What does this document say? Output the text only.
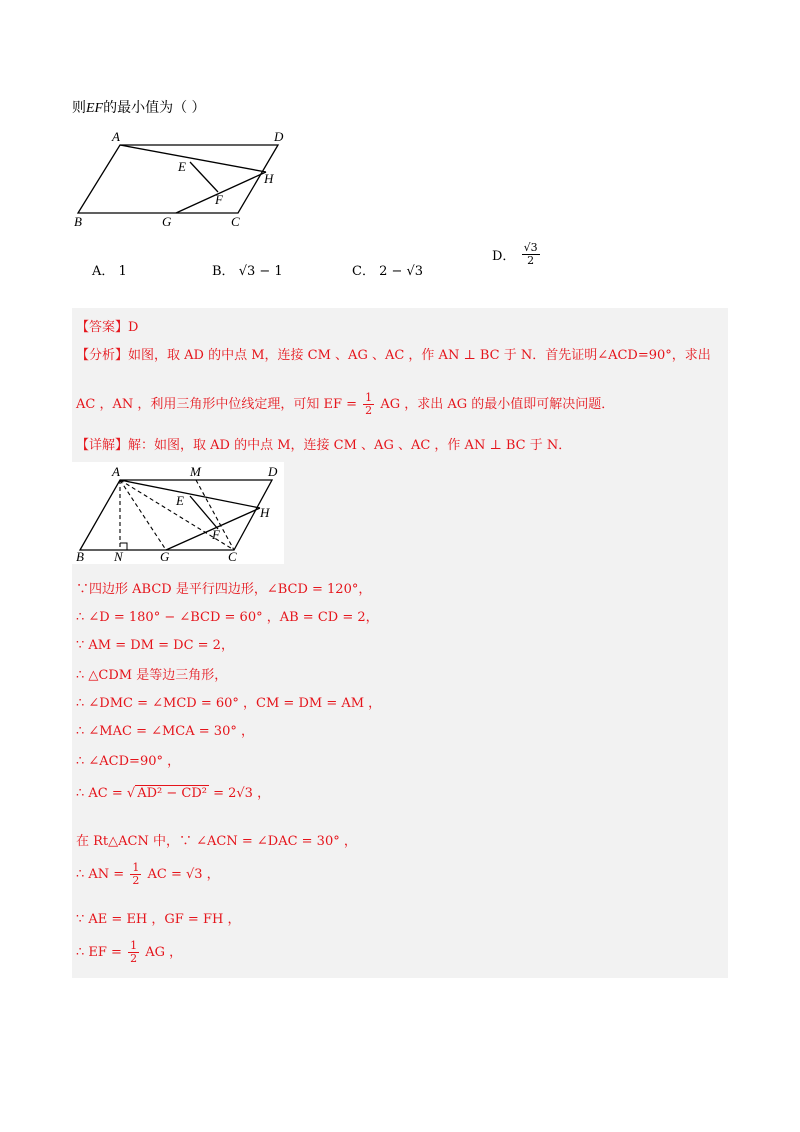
则EF的最小值为（ ）
A	D
E
H
F
B	G	C
A． 1	B． √3 − 1	C． 2 − √3
D． $\frac{√3}{2}$
【答案】D
【分析】如图，取 AD 的中点 M，连接 CM 、AG 、AC ，作 AN ⊥ BC 于 N．首先证明∠ACD=90°，求出
AC ，AN ，利用三角形中位线定理，可知 EF = $\frac{1}{2}$ AG ，求出 AG 的最小值即可解决问题．
【详解】解：如图，取 AD 的中点 M，连接 CM 、AG 、AC ，作 AN ⊥ BC 于 N．
A	M	D
E
H
F
B N	G	C
∵四边形 ABCD 是平行四边形，∠BCD = 120°，
∴ ∠D = 180° − ∠BCD = 60° ，AB = CD = 2，
∵ AM = DM = DC = 2，
∴ △CDM 是等边三角形，
∴ ∠DMC = ∠MCD = 60° ，CM = DM = AM ，
∴ ∠MAC = ∠MCA = 30° ，
∴ ∠ACD=90° ，
∴ AC = √ AD² − CD² = 2√3 ，
在 Rt△ACN 中，∵ ∠ACN = ∠DAC = 30° ，
∴ AN = $\frac{1}{2}$ AC = √3 ，
∵ AE = EH ，GF = FH ，
∴ EF = $\frac{1}{2}$ AG ，
